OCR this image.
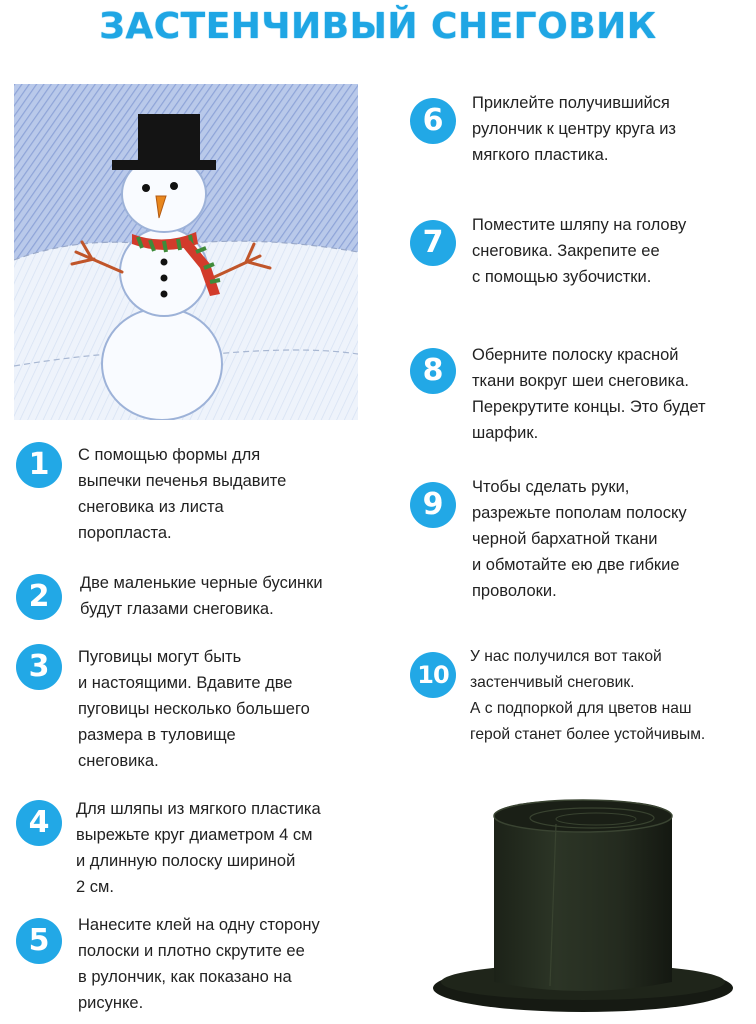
ЗАСТЕНЧИВЫЙ СНЕГОВИК
1	С помощью формы для
выпечки печенья выдавите
снеговика из листа
поропласта.
2	Две маленькие черные бусинки
будут глазами снеговика.
3	Пуговицы могут быть
и настоящими. Вдавите две
пуговицы несколько большего
размера в туловище
снеговика.
4	Для шляпы из мягкого пластика
вырежьте круг диаметром 4 см
и длинную полоску шириной
2 см.
5	Нанесите клей на одну сторону
полоски и плотно скрутите ее
в рулончик, как показано на
рисунке.
6	Приклейте получившийся
рулончик к центру круга из
мягкого пластика.
7	Поместите шляпу на голову
снеговика. Закрепите ее
с помощью зубочистки.
8	Оберните полоску красной
ткани вокруг шеи снеговика.
Перекрутите концы. Это будет
шарфик.
9	Чтобы сделать руки,
разрежьте пополам полоску
черной бархатной ткани
и обмотайте ею две гибкие
проволоки.
10
У нас получился вот такой
застенчивый снеговик.
А с подпоркой для цветов наш
герой станет более устойчивым.
